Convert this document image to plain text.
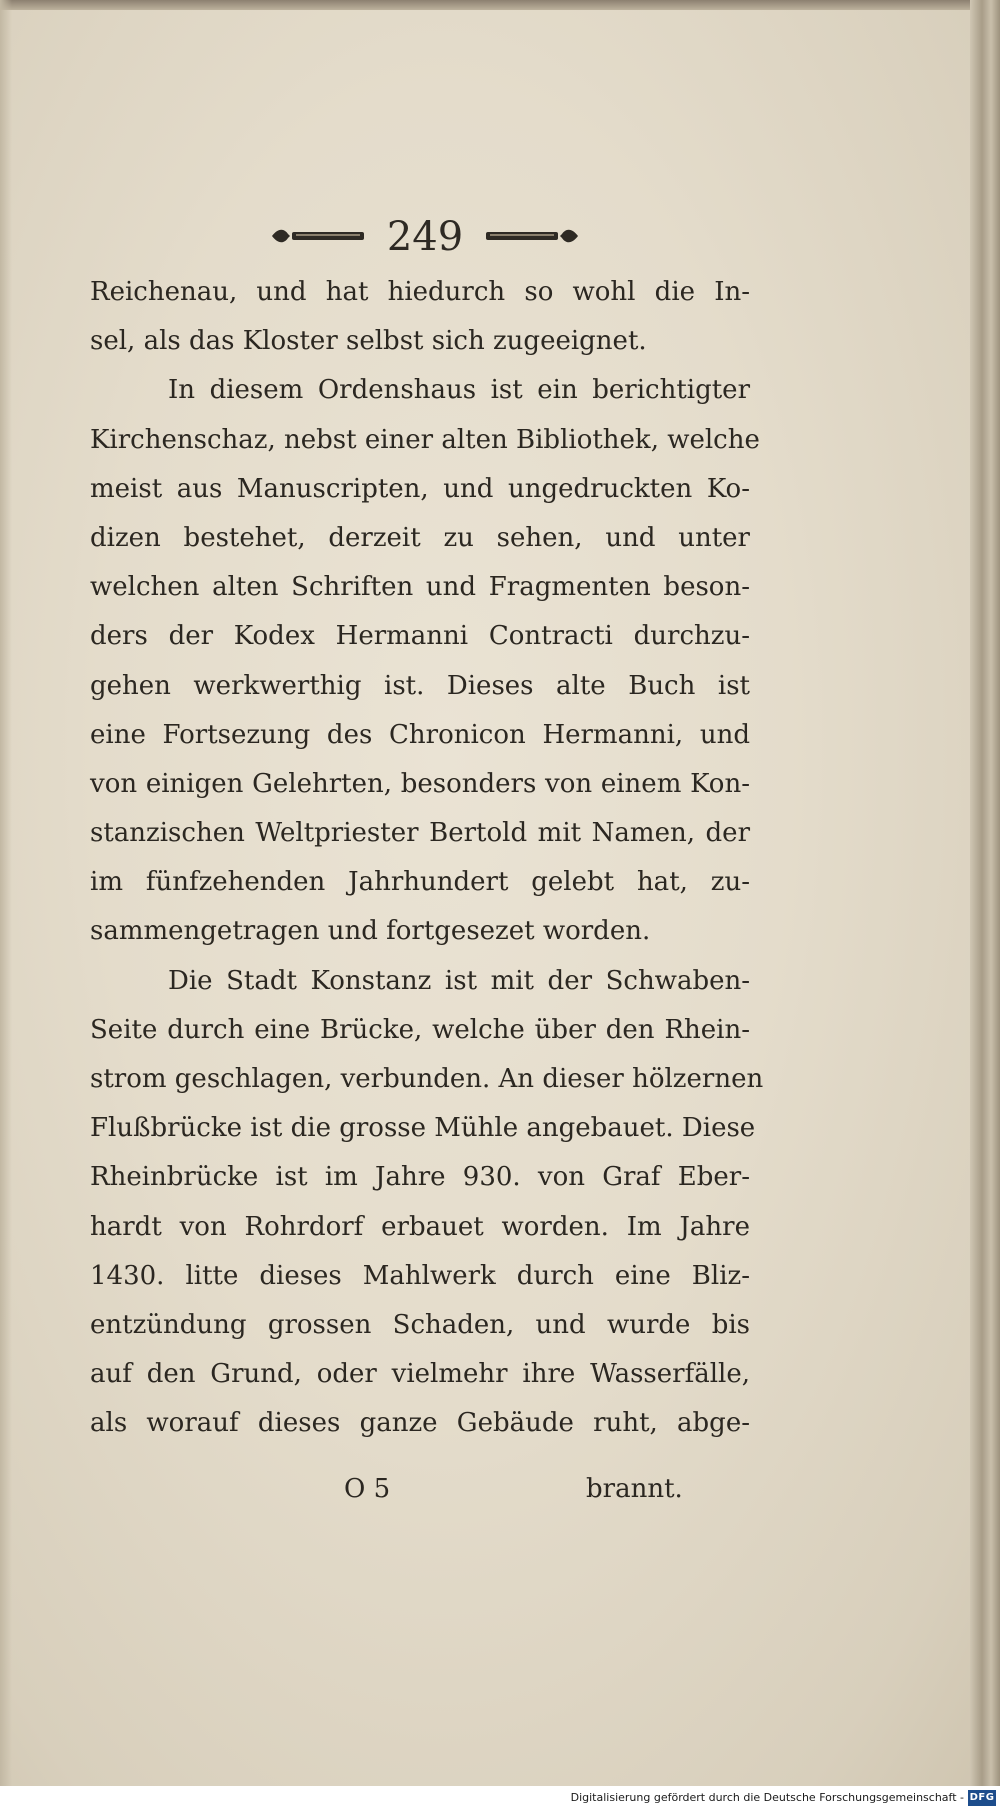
249
Reichenau, und hat hiedurch so wohl die In-
sel, als das Kloster selbst sich zugeeignet.
In diesem Ordenshaus ist ein berichtigter
Kirchenschaz, nebst einer alten Bibliothek, welche
meist aus Manuscripten, und ungedruckten Ko-
dizen bestehet, derzeit zu sehen, und unter
welchen alten Schriften und Fragmenten beson-
ders der Kodex Hermanni Contracti durchzu-
gehen werkwerthig ist. Dieses alte Buch ist
eine Fortsezung des Chronicon Hermanni, und
von einigen Gelehrten, besonders von einem Kon-
stanzischen Weltpriester Bertold mit Namen, der
im fünfzehenden Jahrhundert gelebt hat, zu-
sammengetragen und fortgesezet worden.
Die Stadt Konstanz ist mit der Schwaben-
Seite durch eine Brücke, welche über den Rhein-
strom geschlagen, verbunden. An dieser hölzernen
Flußbrücke ist die grosse Mühle angebauet. Diese
Rheinbrücke ist im Jahre 930. von Graf Eber-
hardt von Rohrdorf erbauet worden. Im Jahre
1430. litte dieses Mahlwerk durch eine Bliz-
entzündung grossen Schaden, und wurde bis
auf den Grund, oder vielmehr ihre Wasserfälle,
als worauf dieses ganze Gebäude ruht, abge-
O 5	brannt.
Digitalisierung gefördert durch die Deutsche Forschungsgemeinschaft - DFG
